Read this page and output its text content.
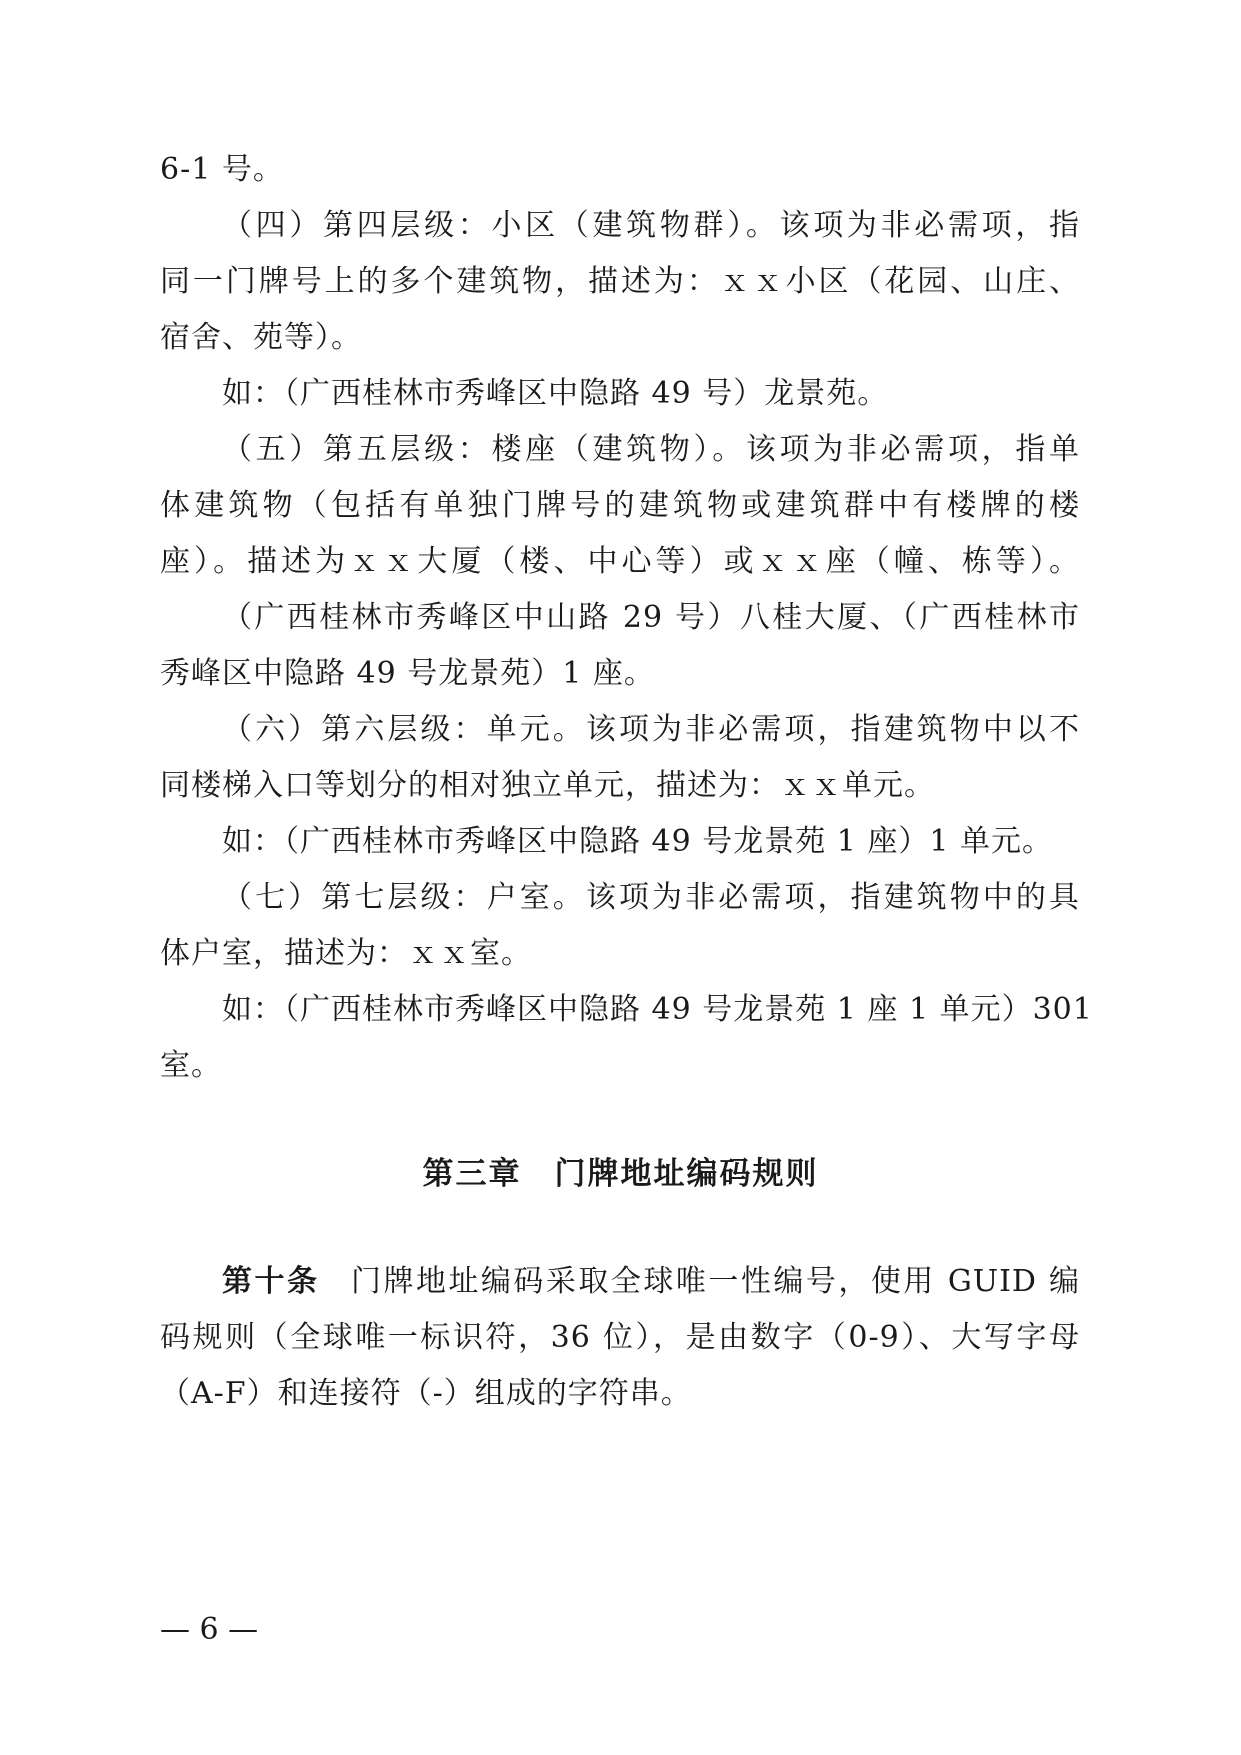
6-1 号。
（四）第四层级：小区（建筑物群）。该项为非必需项，指
同一门牌号上的多个建筑物，描述为：ｘｘ小区（花园、山庄、
宿舍、苑等）。
如：（广西桂林市秀峰区中隐路 49 号）龙景苑。
（五）第五层级：楼座（建筑物）。该项为非必需项，指单
体建筑物（包括有单独门牌号的建筑物或建筑群中有楼牌的楼
座）。描述为ｘｘ大厦（楼、中心等）或ｘｘ座（幢、栋等）。
（广西桂林市秀峰区中山路 29 号）八桂大厦、（广西桂林市
秀峰区中隐路 49 号龙景苑）1 座。
（六）第六层级：单元。该项为非必需项，指建筑物中以不
同楼梯入口等划分的相对独立单元，描述为：ｘｘ单元。
如：（广西桂林市秀峰区中隐路 49 号龙景苑 1 座）1 单元。
（七）第七层级：户室。该项为非必需项，指建筑物中的具
体户室，描述为：ｘｘ室。
如：（广西桂林市秀峰区中隐路 49 号龙景苑 1 座 1 单元）301
室。
第三章　门牌地址编码规则
第十条 门牌地址编码采取全球唯一性编号，使用 GUID 编
码规则（全球唯一标识符，36 位），是由数字（0-9）、大写字母
（A-F）和连接符（-）组成的字符串。
— 6 —
